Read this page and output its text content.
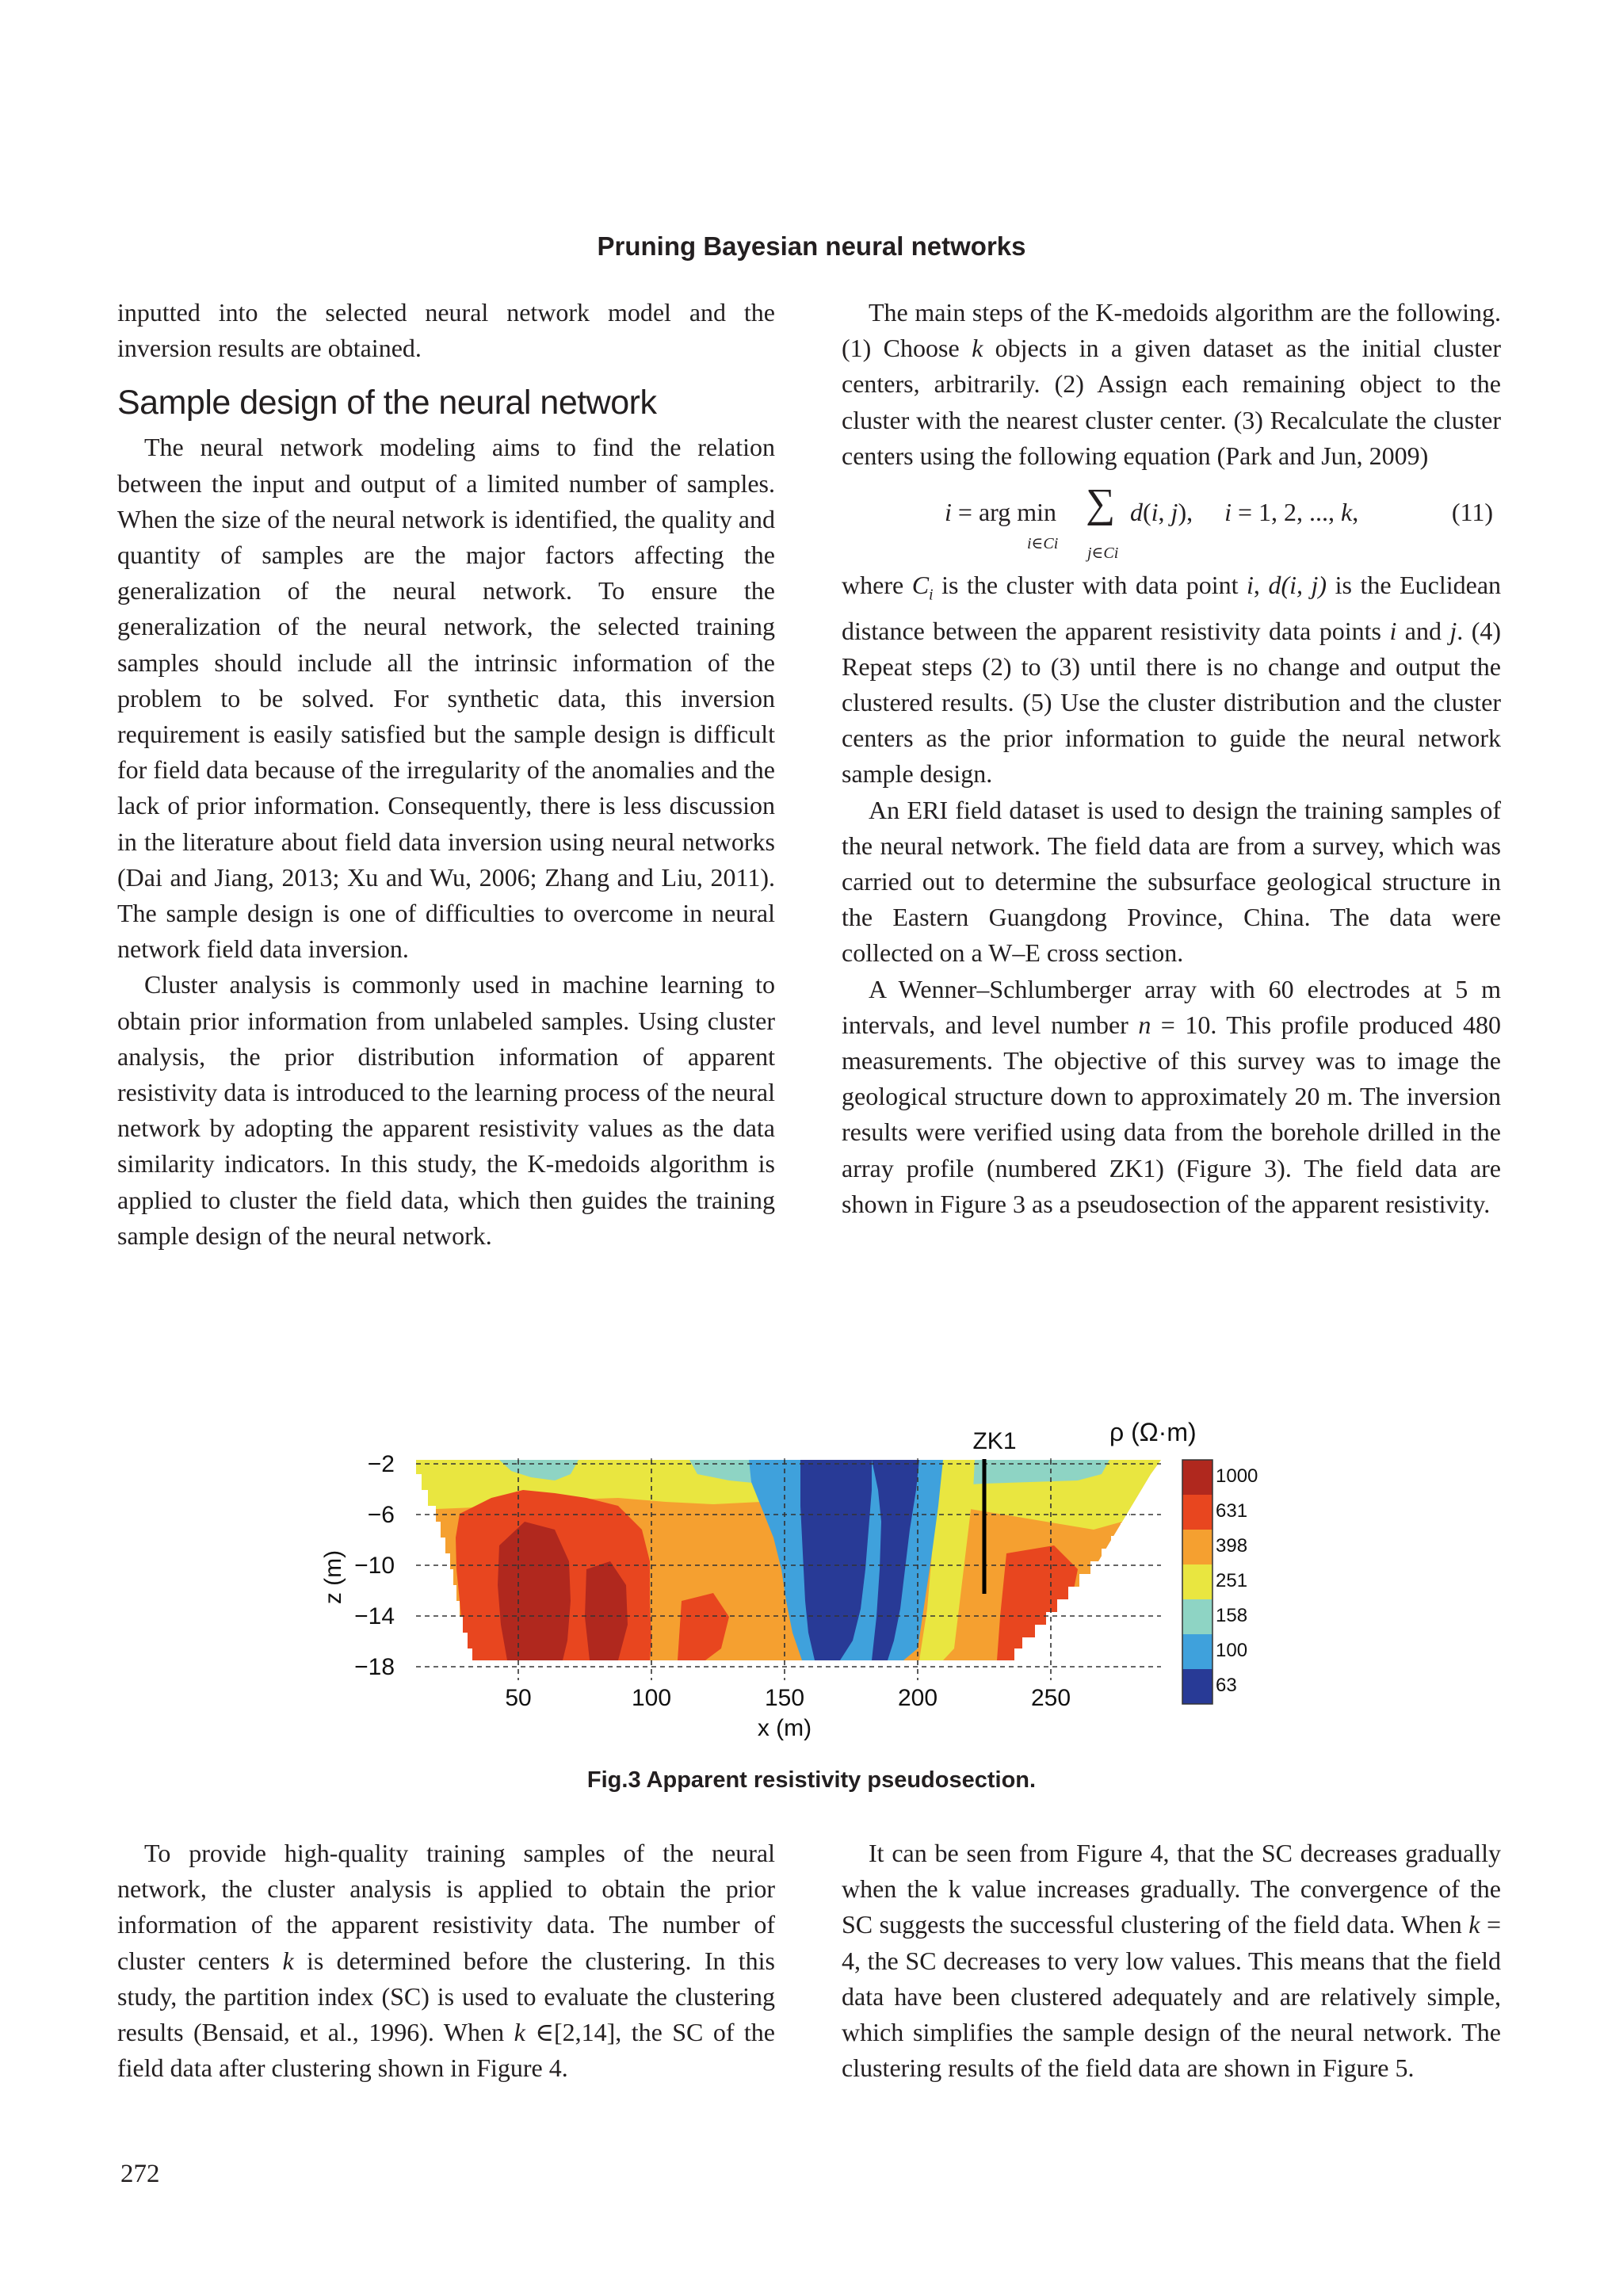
Pruning Bayesian neural networks

inputted into the selected neural network model and the inversion results are obtained.

Sample design of the neural network

The neural network modeling aims to find the relation between the input and output of a limited number of samples. When the size of the neural network is identified, the quality and quantity of samples are the major factors affecting the generalization of the neural network. To ensure the generalization of the neural network, the selected training samples should include all the intrinsic information of the problem to be solved. For synthetic data, this inversion requirement is easily satisfied but the sample design is difficult for field data because of the irregularity of the anomalies and the lack of prior information. Consequently, there is less discussion in the literature about field data inversion using neural networks (Dai and Jiang, 2013; Xu and Wu, 2006; Zhang and Liu, 2011). The sample design is one of difficulties to overcome in neural network field data inversion.

Cluster analysis is commonly used in machine learning to obtain prior information from unlabeled samples. Using cluster analysis, the prior distribution information of apparent resistivity data is introduced to the learning process of the neural network by adopting the apparent resistivity values as the data similarity indicators. In this study, the K-medoids algorithm is applied to cluster the field data, which then guides the training sample design of the neural network.

The main steps of the K-medoids algorithm are the following. (1) Choose k objects in a given dataset as the initial cluster centers, arbitrarily. (2) Assign each remaining object to the cluster with the nearest cluster center. (3) Recalculate the cluster centers using the following equation (Park and Jun, 2009)

i = arg min
i∈Ci
∑
j∈Ci
d(i, j),     i = 1, 2, ..., k,	(11)

where $C_i$ is the cluster with data point i, d(i, j) is the Euclidean distance between the apparent resistivity data points i and j. (4) Repeat steps (2) to (3) until there is no change and output the clustered results. (5) Use the cluster distribution and the cluster centers as the prior information to guide the neural network sample design.

An ERI field dataset is used to design the training samples of the neural network. The field data are from a survey, which was carried out to determine the subsurface geological structure in the Eastern Guangdong Province, China. The data were collected on a W–E cross section.

A Wenner–Schlumberger array with 60 electrodes at 5 m intervals, and level number n = 10. This profile produced 480 measurements. The objective of this survey was to image the geological structure down to approximately 20 m. The inversion results were verified using data from the borehole drilled in the array profile (numbered ZK1) (Figure 3). The field data are shown in Figure 3 as a pseudosection of the apparent resistivity.

ZK1
−2
−6
−10
−14
−18
z (m)
50	100	150	200	250
x (m)
ρ (Ω·m)
1000
631
398
251
158
100
63
Fig.3 Apparent resistivity pseudosection.

To provide high-quality training samples of the neural network, the cluster analysis is applied to obtain the prior information of the apparent resistivity data. The number of cluster centers k is determined before the clustering. In this study, the partition index (SC) is used to evaluate the clustering results (Bensaid, et al., 1996). When k ∈[2,14], the SC of the field data after clustering shown in Figure 4.

It can be seen from Figure 4, that the SC decreases gradually when the k value increases gradually. The convergence of the SC suggests the successful clustering of the field data. When k = 4, the SC decreases to very low values. This means that the field data have been clustered adequately and are relatively simple, which simplifies the sample design of the neural network. The clustering results of the field data are shown in Figure 5.

272
